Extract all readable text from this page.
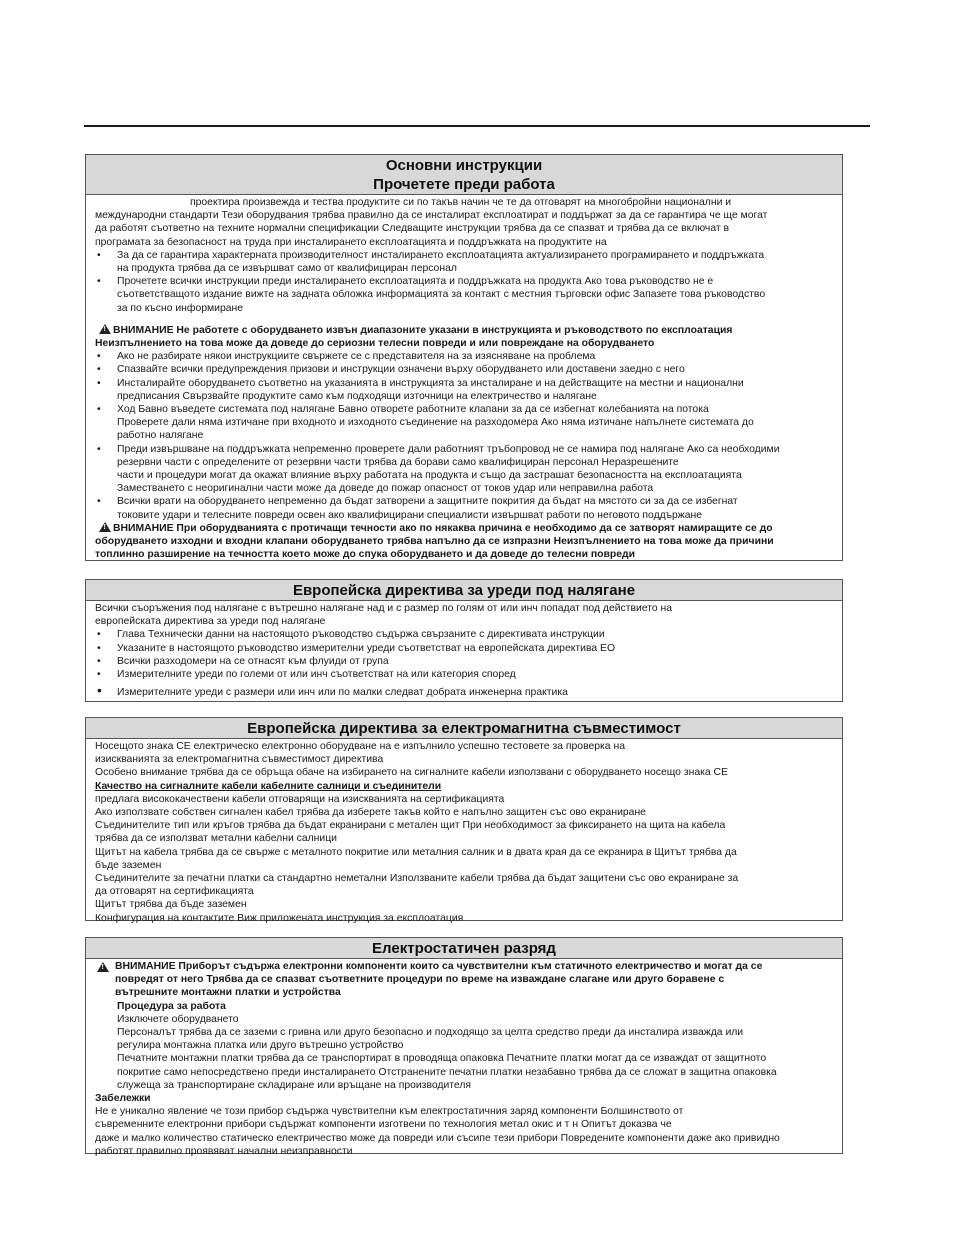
Основни инструкции
Прочетете преди работа

проектира произвежда и тества продуктите си по такъв начин че те да отговарят на многобройни национални и

международни стандарти Тези оборудвания трябва правилно да се инсталират експлоатират и поддържат за да се гарантира че ще могат

да работят съответно на техните нормални спецификации Следващите инструкции трябва да се спазват и трябва да се включат в

програмата за безопасност на труда при инсталирането експлоатацията и поддръжката на продуктите на

• За да се гарантира характерната производителност инсталирането експлоатацията актуализирането програмирането и поддръжката
на продукта трябва да се извършват само от квалифициран персонал
• Прочетете всички инструкции преди инсталирането експлоатацията и поддръжката на продукта Ако това ръководство не е
съответстващото издание вижте на задната обложка информацията за контакт с местния търговски офис Запазете това ръководство
за по късно информиране
!ВНИМАНИЕ Не работете с оборудването извън диапазоните указани в инструкцията и ръководството по експлоатация
Неизпълнението на това може да доведе до сериозни телесни повреди и или повреждане на оборудването
• Ако не разбирате някои инструкциите свържете се с представителя на за изясняване на проблема
• Спазвайте всички предупреждения призови и инструкции означени върху оборудването или доставени заедно с него
• Инсталирайте оборудването съответно на указанията в инструкцията за инсталиране и на действащите на местни и национални
предписания Свързвайте продуктите само към подходящи източници на електричество и налягане
• Ход Бавно въведете системата под налягане Бавно отворете работните клапани за да се избегнат колебанията на потока
Проверете дали няма изтичане при входното и изходното съединение на разходомера Ако няма изтичане напълнете системата до
работно налягане
• Преди извършване на поддръжката непременно проверете дали работният тръбопровод не се намира под налягане Ако са необходими
резервни части с определените от резервни части трябва да борави само квалифициран персонал Неразрешените
части и процедури могат да окажат влияние върху работата на продукта и също да застрашат безопасността на експлоатацията
Заместването с неоригинални части може да доведе до пожар опасност от токов удар или неправилна работа
• Всички врати на оборудването непременно да бъдат затворени а защитните покрития да бъдат на мястото си за да се избегнат
токовите удари и телесните повреди освен ако квалифицирани специалисти извършват работи по неговото поддържане
!ВНИМАНИЕ При оборудванията с протичащи течности ако по някаква причина е необходимо да се затворят намиращите се до
оборудването изходни и входни клапани оборудването трябва напълно да се изпразни Неизпълнението на това може да причини
топлинно разширение на течността което може до спука оборудването и да доведе до телесни повреди
Европейска директива за уреди под налягане

Всички съоръжения под налягане с вътрешно налягане над и с размер по голям от или инч попадат под действието на

европейската директива за уреди под налягане

• Глава Технически данни на настоящото ръководство съдържа свързаните с директивата инструкции
• Указаните в настоящото ръководство измерителни уреди съответстват на европейската директива ЕО
• Всички разходомери на се отнасят към флуиди от група
• Измерителните уреди по големи от или инч съответстват на или категория според
• Измерителните уреди с размери или инч или по малки следват добрата инженерна практика
Европейска директива за електромагнитна съвместимост

Носещото знака CE електрическо електронно оборудване на е изпълнило успешно тестовете за проверка на

изискванията за електромагнитна съвместимост директива

Особено внимание трябва да се обръща обаче на избирането на сигналните кабели използвани с оборудването носещо знака CE

Качество на сигналните кабели кабелните салници и съединители

предлага висококачествени кабели отговарящи на изискванията на сертификацията

Ако използвате собствен сигнален кабел трябва да изберете такъв който е напълно защитен със ово екраниране

Съединителите тип или кръгов трябва да бъдат екранирани с метален щит При необходимост за фиксирането на щита на кабела

трябва да се използват метални кабелни салници

Щитът на кабела трябва да се свърже с металното покритие или металния салник и в двата края да се екранира в Щитът трябва да

бъде заземен

Съединителите за печатни платки са стандартно неметални Използваните кабели трябва да бъдат защитени със ово екраниране за

да отговарят на сертификацията

Щитът трябва да бъде заземен

Конфигурация на контактите Виж приложената инструкция за експлоатация

Електростатичен разряд
!
ВНИМАНИЕ Приборът съдържа електронни компоненти които са чувствителни към статичното електричество и могат да се
повредят от него Трябва да се спазват съответните процедури по време на изваждане слагане или друго боравене с
вътрешните монтажни платки и устройства

Процедура за работа

Изключете оборудването

Персоналът трябва да се заземи с гривна или друго безопасно и подходящо за целта средство преди да инсталира изважда или

регулира монтажна платка или друго вътрешно устройство

Печатните монтажни платки трябва да се транспортират в проводяща опаковка Печатните платки могат да се изваждат от защитното

покритие само непосредствено преди инсталирането Отстранените печатни платки незабавно трябва да се сложат в защитна опаковка

служеща за транспортиране складиране или връщане на производителя

Забележки

Не е уникално явление че този прибор съдържа чувствителни към електростатичния заряд компоненти Болшинството от

съвременните електронни прибори съдържат компоненти изготвени по технология метал окис и т н Опитът доказва че

даже и малко количество статическо електричество може да повреди или съсипе тези прибори Повредените компоненти даже ако привидно

работят правилно проявяват начални неизправности
